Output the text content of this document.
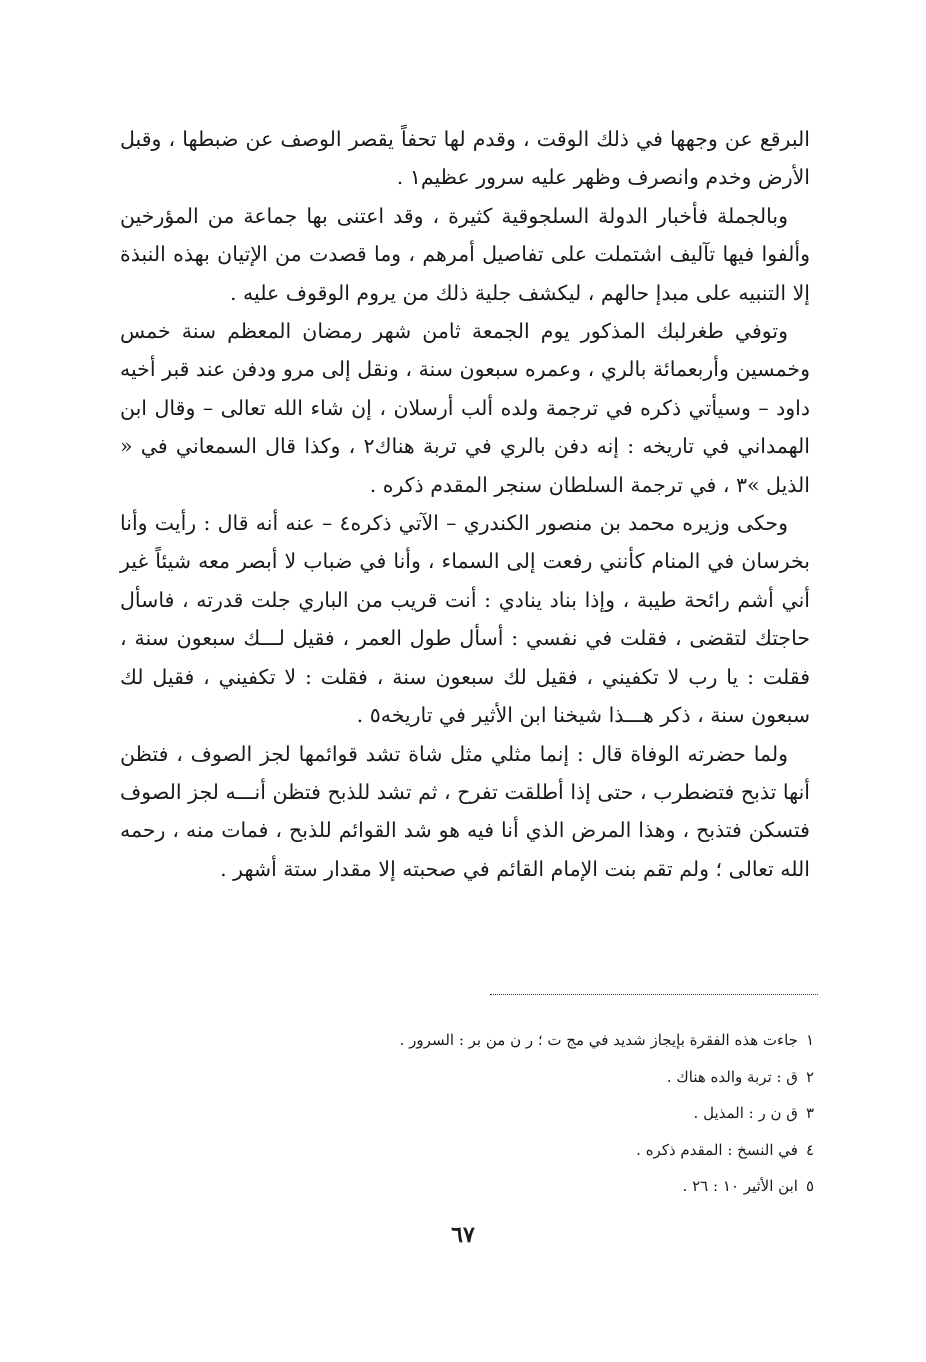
البرقع عن وجهها في ذلك الوقت ، وقدم لها تحفاً يقصر الوصف عن ضبطها ، وقبل الأرض وخدم وانصرف وظهر عليه سرور عظيم١ .

وبالجملة فأخبار الدولة السلجوقية كثيرة ، وقد اعتنى بها جماعة من المؤرخين وألفوا فيها تآليف اشتملت على تفاصيل أمرهم ، وما قصدت من الإتيان بهذه النبذة إلا التنبيه على مبدإ حالهم ، ليكشف جلية ذلك من يروم الوقوف عليه .

وتوفي طغرلبك المذكور يوم الجمعة ثامن شهر رمضان المعظم سنة خمس وخمسين وأربعمائة بالري ، وعمره سبعون سنة ، ونقل إلى مرو ودفن عند قبر أخيه داود – وسيأتي ذكره في ترجمة ولده ألب أرسلان ، إن شاء الله تعالى – وقال ابن الهمداني في تاريخه : إنه دفن بالري في تربة هناك٢ ، وكذا قال السمعاني في « الذيل »٣ ، في ترجمة السلطان سنجر المقدم ذكره .

وحكى وزيره محمد بن منصور الكندري – الآتي ذكره٤ – عنه أنه قال : رأيت وأنا بخرسان في المنام كأنني رفعت إلى السماء ، وأنا في ضباب لا أبصر معه شيئاً غير أني أشم رائحة طيبة ، وإذا بناد ينادي : أنت قريب من الباري جلت قدرته ، فاسأل حاجتك لتقضى ، فقلت في نفسي : أسأل طول العمر ، فقيل لـــك سبعون سنة ، فقلت : يا رب لا تكفيني ، فقيل لك سبعون سنة ، فقلت : لا تكفيني ، فقيل لك سبعون سنة ، ذكر هـــذا شيخنا ابن الأثير في تاريخه٥ .

ولما حضرته الوفاة قال : إنما مثلي مثل شاة تشد قوائمها لجز الصوف ، فتظن أنها تذبح فتضطرب ، حتى إذا أطلقت تفرح ، ثم تشد للذبح فتظن أنـــه لجز الصوف فتسكن فتذبح ، وهذا المرض الذي أنا فيه هو شد القوائم للذبح ، فمات منه ، رحمه الله تعالى ؛ ولم تقم بنت الإمام القائم في صحبته إلا مقدار ستة أشهر .

١جاءت هذه الفقرة بإيجاز شديد في مج ت ؛ ر ن من بر : السرور .
٢ق : تربة والده هناك .
٣ق ن ر : المذيل .
٤في النسخ : المقدم ذكره .
٥ابن الأثير ١٠ : ٢٦ .
٦٧
